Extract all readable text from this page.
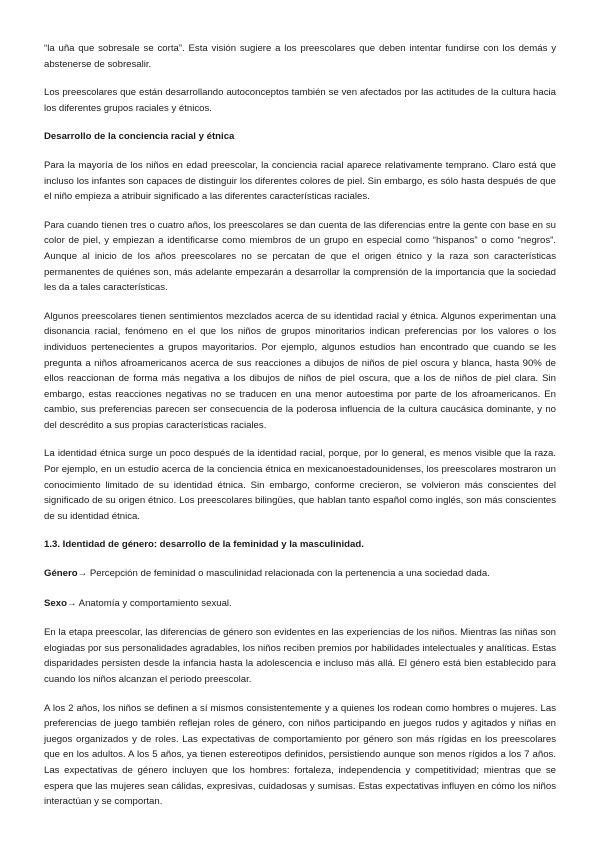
“la uña que sobresale se corta”. Esta visión sugiere a los preescolares que deben intentar fundirse con los demás y abstenerse de sobresalir.

Los preescolares que están desarrollando autoconceptos también se ven afectados por las actitudes de la cultura hacia los diferentes grupos raciales y étnicos.

Desarrollo de la conciencia racial y étnica

Para la mayoría de los niños en edad preescolar, la conciencia racial aparece relativamente temprano. Claro está que incluso los infantes son capaces de distinguir los diferentes colores de piel. Sin embargo, es sólo hasta después de que el niño empieza a atribuir significado a las diferentes características raciales.

Para cuando tienen tres o cuatro años, los preescolares se dan cuenta de las diferencias entre la gente con base en su color de piel, y empiezan a identificarse como miembros de un grupo en especial como “hispanos” o como “negros”. Aunque al inicio de los años preescolares no se percatan de que el origen étnico y la raza son características permanentes de quiénes son, más adelante empezarán a desarrollar la comprensión de la importancia que la sociedad les da a tales características.

Algunos preescolares tienen sentimientos mezclados acerca de su identidad racial y étnica. Algunos experimentan una disonancia racial, fenómeno en el que los niños de grupos minoritarios indican preferencias por los valores o los individuos pertenecientes a grupos mayoritarios. Por ejemplo, algunos estudios han encontrado que cuando se les pregunta a niños afroamericanos acerca de sus reacciones a dibujos de niños de piel oscura y blanca, hasta 90% de ellos reaccionan de forma más negativa a los dibujos de niños de piel oscura, que a los de niños de piel clara. Sin embargo, estas reacciones negativas no se traducen en una menor autoestima por parte de los afroamericanos. En cambio, sus preferencias parecen ser consecuencia de la poderosa influencia de la cultura caucásica dominante, y no del descrédito a sus propias características raciales.

La identidad étnica surge un poco después de la identidad racial, porque, por lo general, es menos visible que la raza. Por ejemplo, en un estudio acerca de la conciencia étnica en mexicanoestadounidenses, los preescolares mostraron un conocimiento limitado de su identidad étnica. Sin embargo, conforme crecieron, se volvieron más conscientes del significado de su origen étnico. Los preescolares bilingües, que hablan tanto español como inglés, son más conscientes de su identidad étnica.

1.3. Identidad de género: desarrollo de la feminidad y la masculinidad.

Género→ Percepción de feminidad o masculinidad relacionada con la pertenencia a una sociedad dada.

Sexo→ Anatomía y comportamiento sexual.

En la etapa preescolar, las diferencias de género son evidentes en las experiencias de los niños. Mientras las niñas son elogiadas por sus personalidades agradables, los niños reciben premios por habilidades intelectuales y analíticas. Estas disparidades persisten desde la infancia hasta la adolescencia e incluso más allá. El género está bien establecido para cuando los niños alcanzan el periodo preescolar.

A los 2 años, los niños se definen a sí mismos consistentemente y a quienes los rodean como hombres o mujeres. Las preferencias de juego también reflejan roles de género, con niños participando en juegos rudos y agitados y niñas en juegos organizados y de roles. Las expectativas de comportamiento por género son más rígidas en los preescolares que en los adultos. A los 5 años, ya tienen estereotipos definidos, persistiendo aunque son menos rígidos a los 7 años. Las expectativas de género incluyen que los hombres: fortaleza, independencia y competitividad; mientras que se espera que las mujeres sean cálidas, expresivas, cuidadosas y sumisas. Estas expectativas influyen en cómo los niños interactúan y se comportan.
